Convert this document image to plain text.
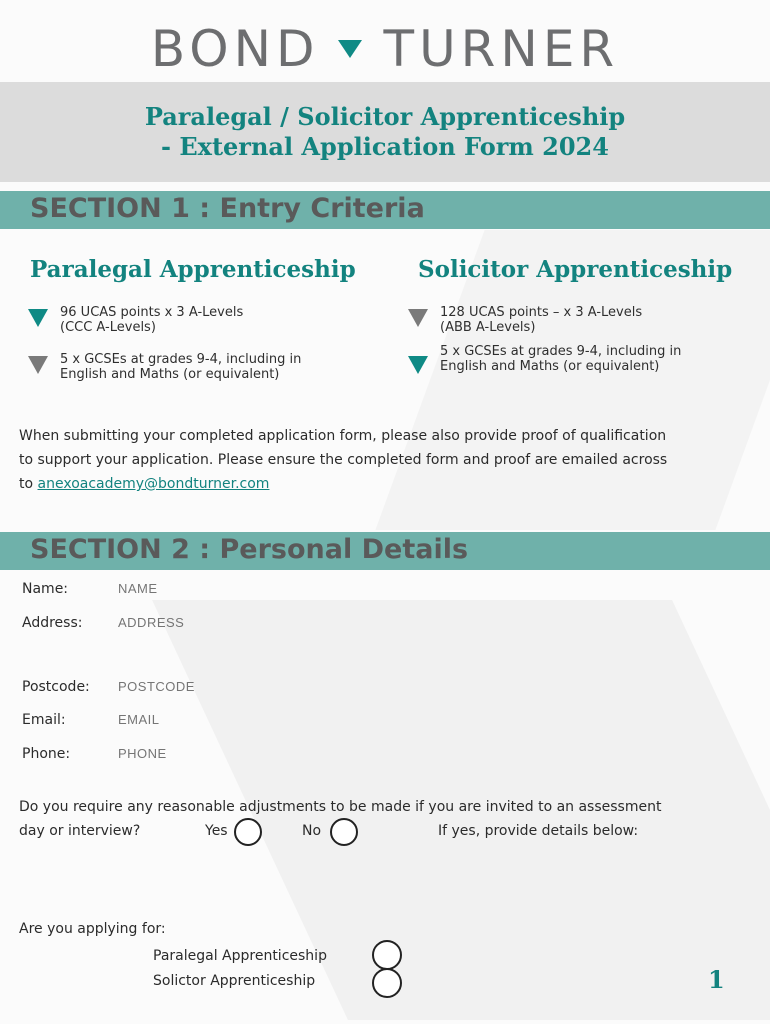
BOND TURNER
Paralegal / Solicitor Apprenticeship
- External Application Form 2024
SECTION 1 : Entry Criteria
Paralegal Apprenticeship
96 UCAS points x 3 A-Levels
(CCC A-Levels)
5 x GCSEs at grades 9-4, including in
English and Maths (or equivalent)
Solicitor Apprenticeship
128 UCAS points – x 3 A-Levels
(ABB A-Levels)
5 x GCSEs at grades 9-4, including in
English and Maths (or equivalent)
When submitting your completed application form, please also provide proof of qualification
to support your application. Please ensure the completed form and proof are emailed across
to anexoacademy@bondturner.com
SECTION 2 : Personal Details
Name:
NAME
Address:
ADDRESS
Postcode:
POSTCODE
Email:
EMAIL
Phone:
PHONE
Do you require any reasonable adjustments to be made if you are invited to an assessment
day or interview?	Yes	No	If yes, provide details below:
Are you applying for:
Paralegal Apprenticeship
Solictor Apprenticeship	1
